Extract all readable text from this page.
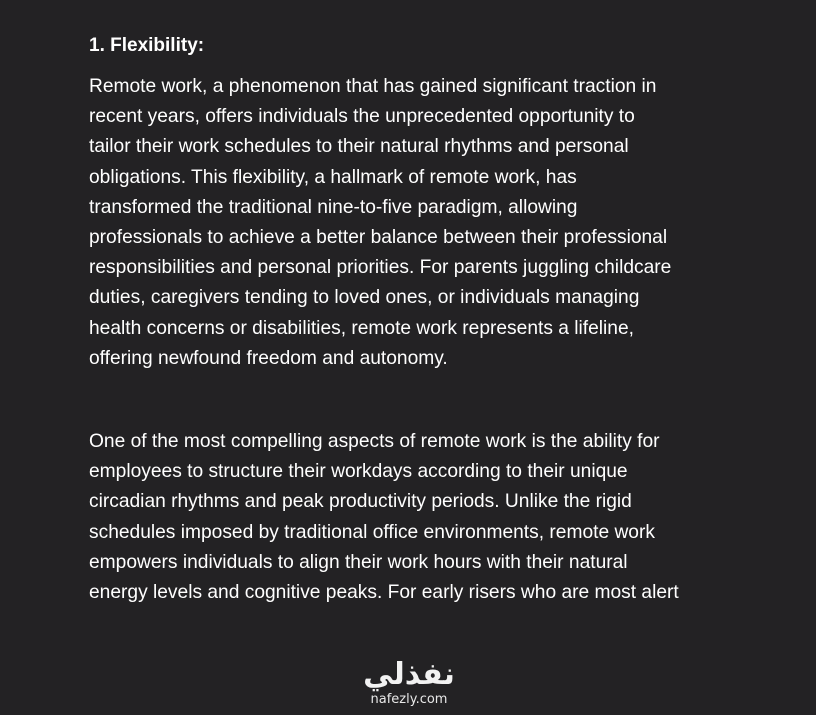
1. Flexibility:
Remote work, a phenomenon that has gained significant traction in
recent years, offers individuals the unprecedented opportunity to
tailor their work schedules to their natural rhythms and personal
obligations. This flexibility, a hallmark of remote work, has
transformed the traditional nine-to-five paradigm, allowing
professionals to achieve a better balance between their professional
responsibilities and personal priorities. For parents juggling childcare
duties, caregivers tending to loved ones, or individuals managing
health concerns or disabilities, remote work represents a lifeline,
offering newfound freedom and autonomy.
One of the most compelling aspects of remote work is the ability for
employees to structure their workdays according to their unique
circadian rhythms and peak productivity periods. Unlike the rigid
schedules imposed by traditional office environments, remote work
empowers individuals to align their work hours with their natural
energy levels and cognitive peaks. For early risers who are most alert
نفذلي
nafezly.com
